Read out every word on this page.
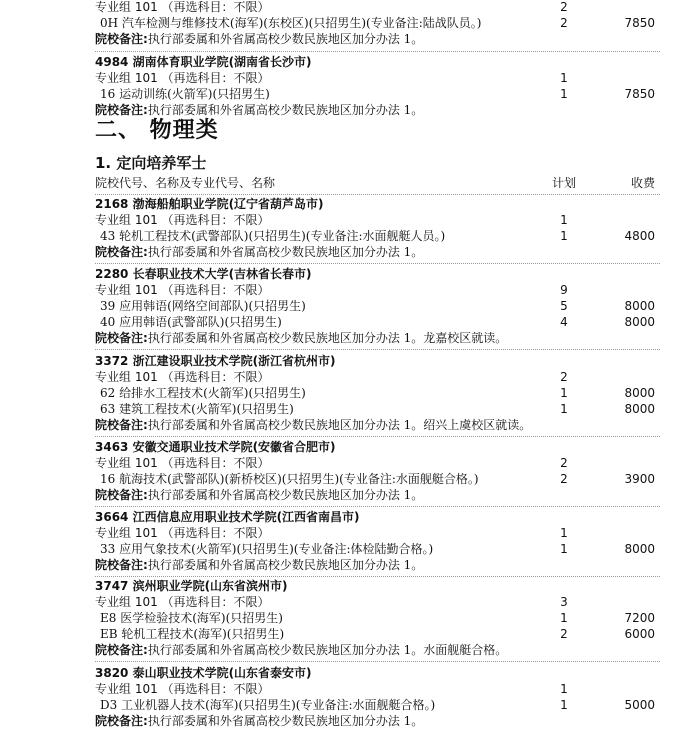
专业组 101 （再选科目：不限）	2
0H 汽车检测与维修技术(海军)(东校区)(只招男生)(专业备注:陆战队员。)	2	7850
院校备注:执行部委属和外省属高校少数民族地区加分办法 1。
4984 湖南体育职业学院(湖南省长沙市)
专业组 101 （再选科目：不限）	1
16 运动训练(火箭军)(只招男生)	1	7850
院校备注:执行部委属和外省属高校少数民族地区加分办法 1。
二、 物理类
1. 定向培养军士
院校代号、名称及专业代号、名称	计划	收费
2168 渤海船舶职业学院(辽宁省葫芦岛市)
专业组 101 （再选科目：不限）	1
43 轮机工程技术(武警部队)(只招男生)(专业备注:水面舰艇人员。)	1	4800
院校备注:执行部委属和外省属高校少数民族地区加分办法 1。
2280 长春职业技术大学(吉林省长春市)
专业组 101 （再选科目：不限）	9
39 应用韩语(网络空间部队)(只招男生)	5	8000
40 应用韩语(武警部队)(只招男生)	4	8000
院校备注:执行部委属和外省属高校少数民族地区加分办法 1。龙嘉校区就读。
3372 浙江建设职业技术学院(浙江省杭州市)
专业组 101 （再选科目：不限）	2
62 给排水工程技术(火箭军)(只招男生)	1	8000
63 建筑工程技术(火箭军)(只招男生)	1	8000
院校备注:执行部委属和外省属高校少数民族地区加分办法 1。绍兴上虞校区就读。
3463 安徽交通职业技术学院(安徽省合肥市)
专业组 101 （再选科目：不限）	2
16 航海技术(武警部队)(新桥校区)(只招男生)(专业备注:水面舰艇合格。)	2	3900
院校备注:执行部委属和外省属高校少数民族地区加分办法 1。
3664 江西信息应用职业技术学院(江西省南昌市)
专业组 101 （再选科目：不限）	1
33 应用气象技术(火箭军)(只招男生)(专业备注:体检陆勤合格。)	1	8000
院校备注:执行部委属和外省属高校少数民族地区加分办法 1。
3747 滨州职业学院(山东省滨州市)
专业组 101 （再选科目：不限）	3
E8 医学检验技术(海军)(只招男生)	1	7200
EB 轮机工程技术(海军)(只招男生)	2	6000
院校备注:执行部委属和外省属高校少数民族地区加分办法 1。水面舰艇合格。
3820 泰山职业技术学院(山东省泰安市)
专业组 101 （再选科目：不限）	1
D3 工业机器人技术(海军)(只招男生)(专业备注:水面舰艇合格。)	1	5000
院校备注:执行部委属和外省属高校少数民族地区加分办法 1。
